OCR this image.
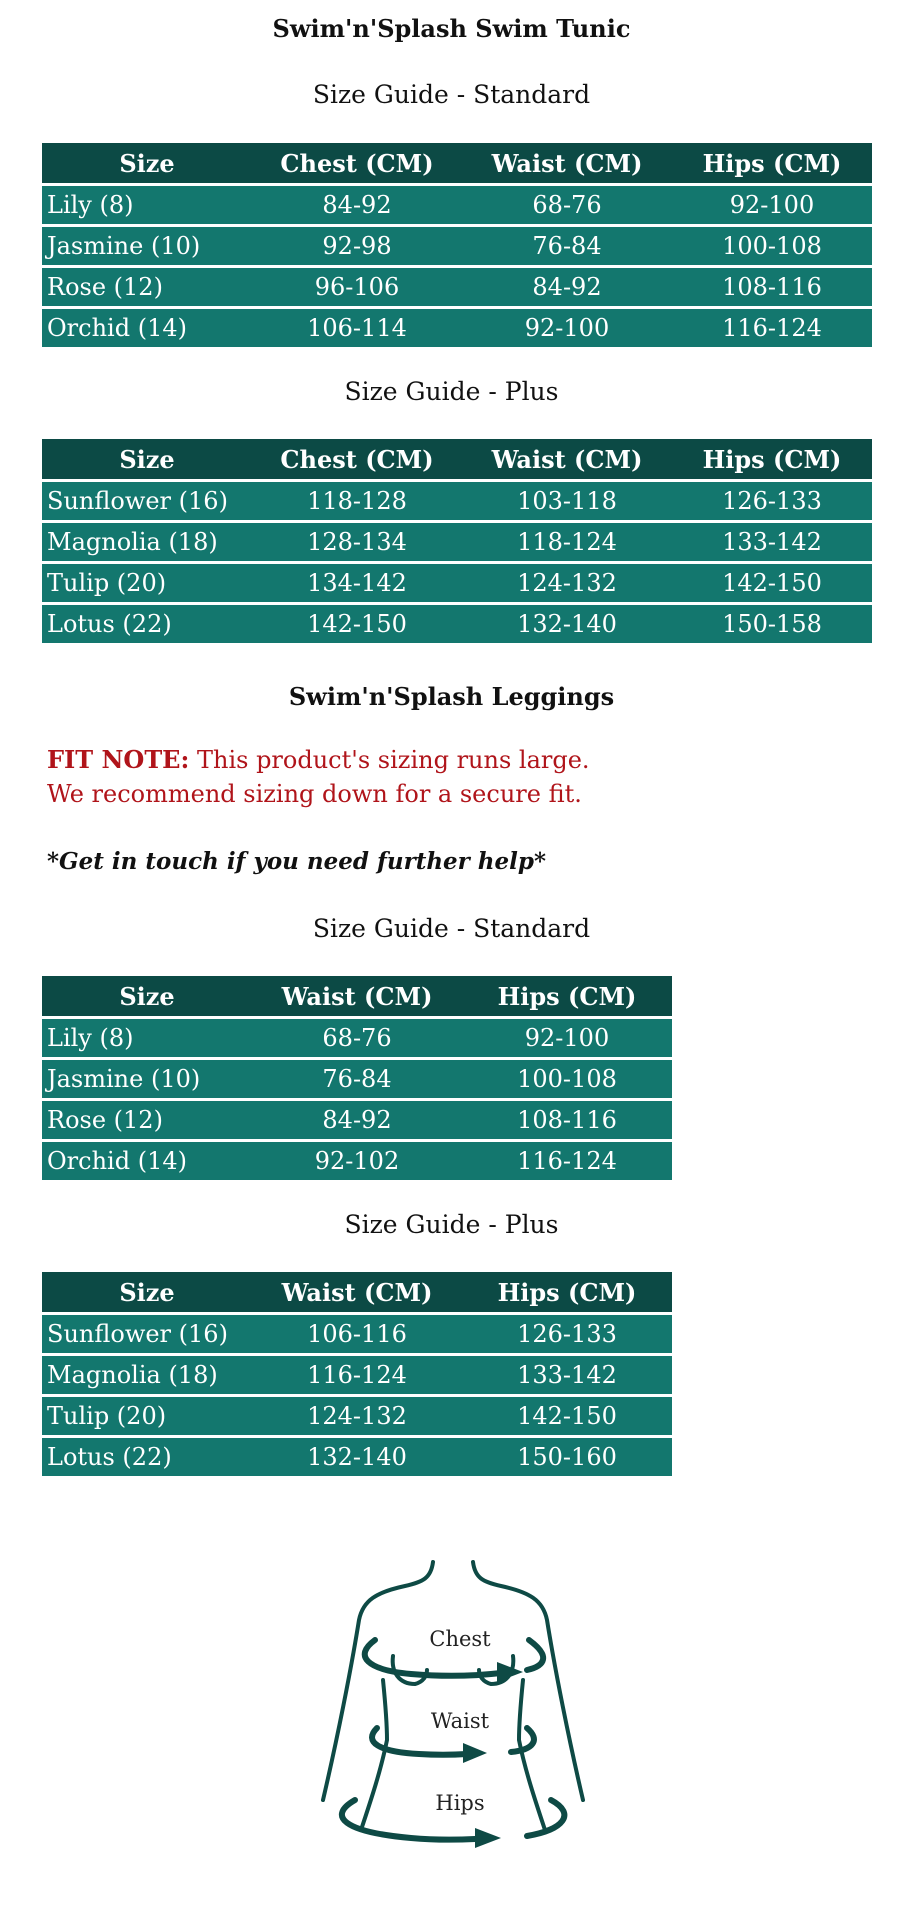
Swim'n'Splash Swim Tunic
Size Guide - Standard
Size	Chest (CM)	Waist (CM)	Hips (CM)
Lily (8)	84-92	68-76	92-100
Jasmine (10)	92-98	76-84	100-108
Rose (12)	96-106	84-92	108-116
Orchid (14)	106-114	92-100	116-124
Size Guide - Plus
Size	Chest (CM)	Waist (CM)	Hips (CM)
Sunflower (16)	118-128	103-118	126-133
Magnolia (18)	128-134	118-124	133-142
Tulip (20)	134-142	124-132	142-150
Lotus (22)	142-150	132-140	150-158
Swim'n'Splash Leggings
FIT NOTE: This product's sizing runs large.
We recommend sizing down for a secure fit.
*Get in touch if you need further help*
Size Guide - Standard
Size	Waist (CM)	Hips (CM)
Lily (8)	68-76	92-100
Jasmine (10)	76-84	100-108
Rose (12)	84-92	108-116
Orchid (14)	92-102	116-124
Size Guide - Plus
Size	Waist (CM)	Hips (CM)
Sunflower (16)	106-116	126-133
Magnolia (18)	116-124	133-142
Tulip (20)	124-132	142-150
Lotus (22)	132-140	150-160
Chest
Waist
Hips
